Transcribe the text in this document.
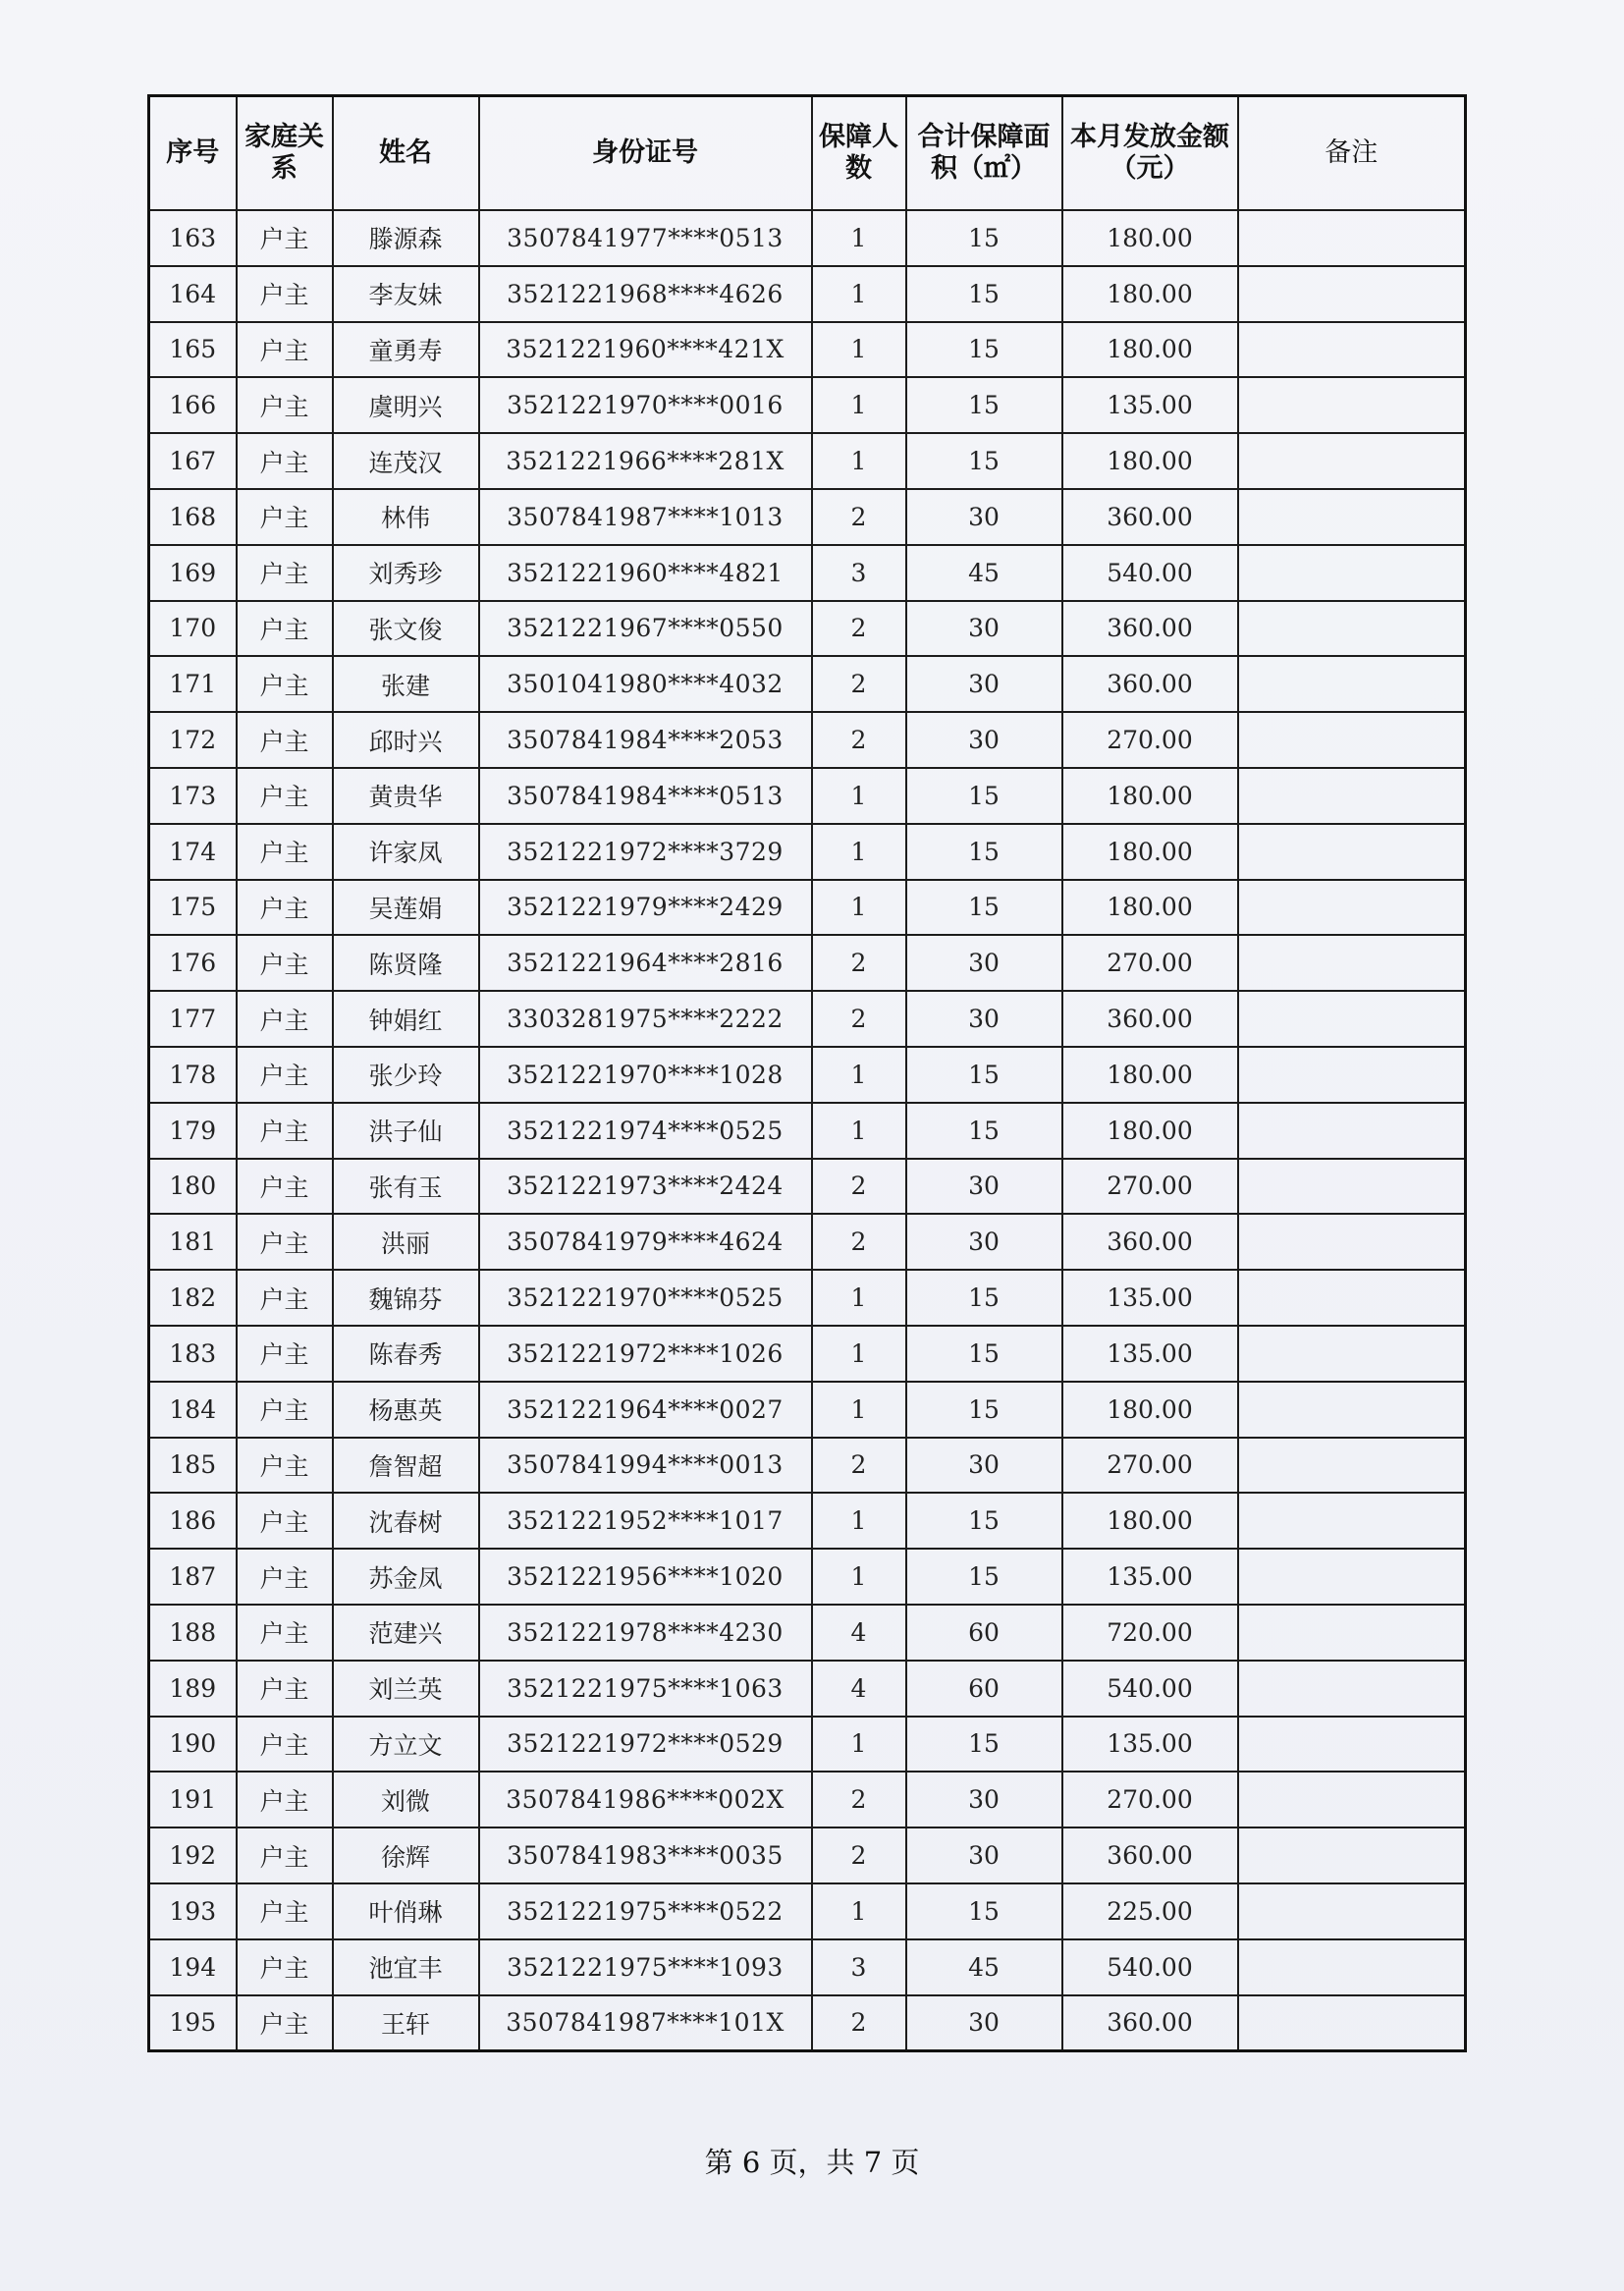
序号	家庭关系	姓名	身份证号	保障人数	合计保障面积（㎡）	本月发放金额（元）	备注
163	户主	滕源森	3507841977****0513	1	15	180.00	
164	户主	李友妹	3521221968****4626	1	15	180.00	
165	户主	童勇寿	3521221960****421X	1	15	180.00	
166	户主	虞明兴	3521221970****0016	1	15	135.00	
167	户主	连茂汉	3521221966****281X	1	15	180.00	
168	户主	林伟	3507841987****1013	2	30	360.00	
169	户主	刘秀珍	3521221960****4821	3	45	540.00	
170	户主	张文俊	3521221967****0550	2	30	360.00	
171	户主	张建	3501041980****4032	2	30	360.00	
172	户主	邱时兴	3507841984****2053	2	30	270.00	
173	户主	黄贵华	3507841984****0513	1	15	180.00	
174	户主	许家凤	3521221972****3729	1	15	180.00	
175	户主	吴莲娟	3521221979****2429	1	15	180.00	
176	户主	陈贤隆	3521221964****2816	2	30	270.00	
177	户主	钟娟红	3303281975****2222	2	30	360.00	
178	户主	张少玲	3521221970****1028	1	15	180.00	
179	户主	洪子仙	3521221974****0525	1	15	180.00	
180	户主	张有玉	3521221973****2424	2	30	270.00	
181	户主	洪丽	3507841979****4624	2	30	360.00	
182	户主	魏锦芬	3521221970****0525	1	15	135.00	
183	户主	陈春秀	3521221972****1026	1	15	135.00	
184	户主	杨惠英	3521221964****0027	1	15	180.00	
185	户主	詹智超	3507841994****0013	2	30	270.00	
186	户主	沈春树	3521221952****1017	1	15	180.00	
187	户主	苏金凤	3521221956****1020	1	15	135.00	
188	户主	范建兴	3521221978****4230	4	60	720.00	
189	户主	刘兰英	3521221975****1063	4	60	540.00	
190	户主	方立文	3521221972****0529	1	15	135.00	
191	户主	刘微	3507841986****002X	2	30	270.00	
192	户主	徐辉	3507841983****0035	2	30	360.00	
193	户主	叶俏琳	3521221975****0522	1	15	225.00	
194	户主	池宜丰	3521221975****1093	3	45	540.00	
195	户主	王轩	3507841987****101X	2	30	360.00	
第 6 页，共 7 页
